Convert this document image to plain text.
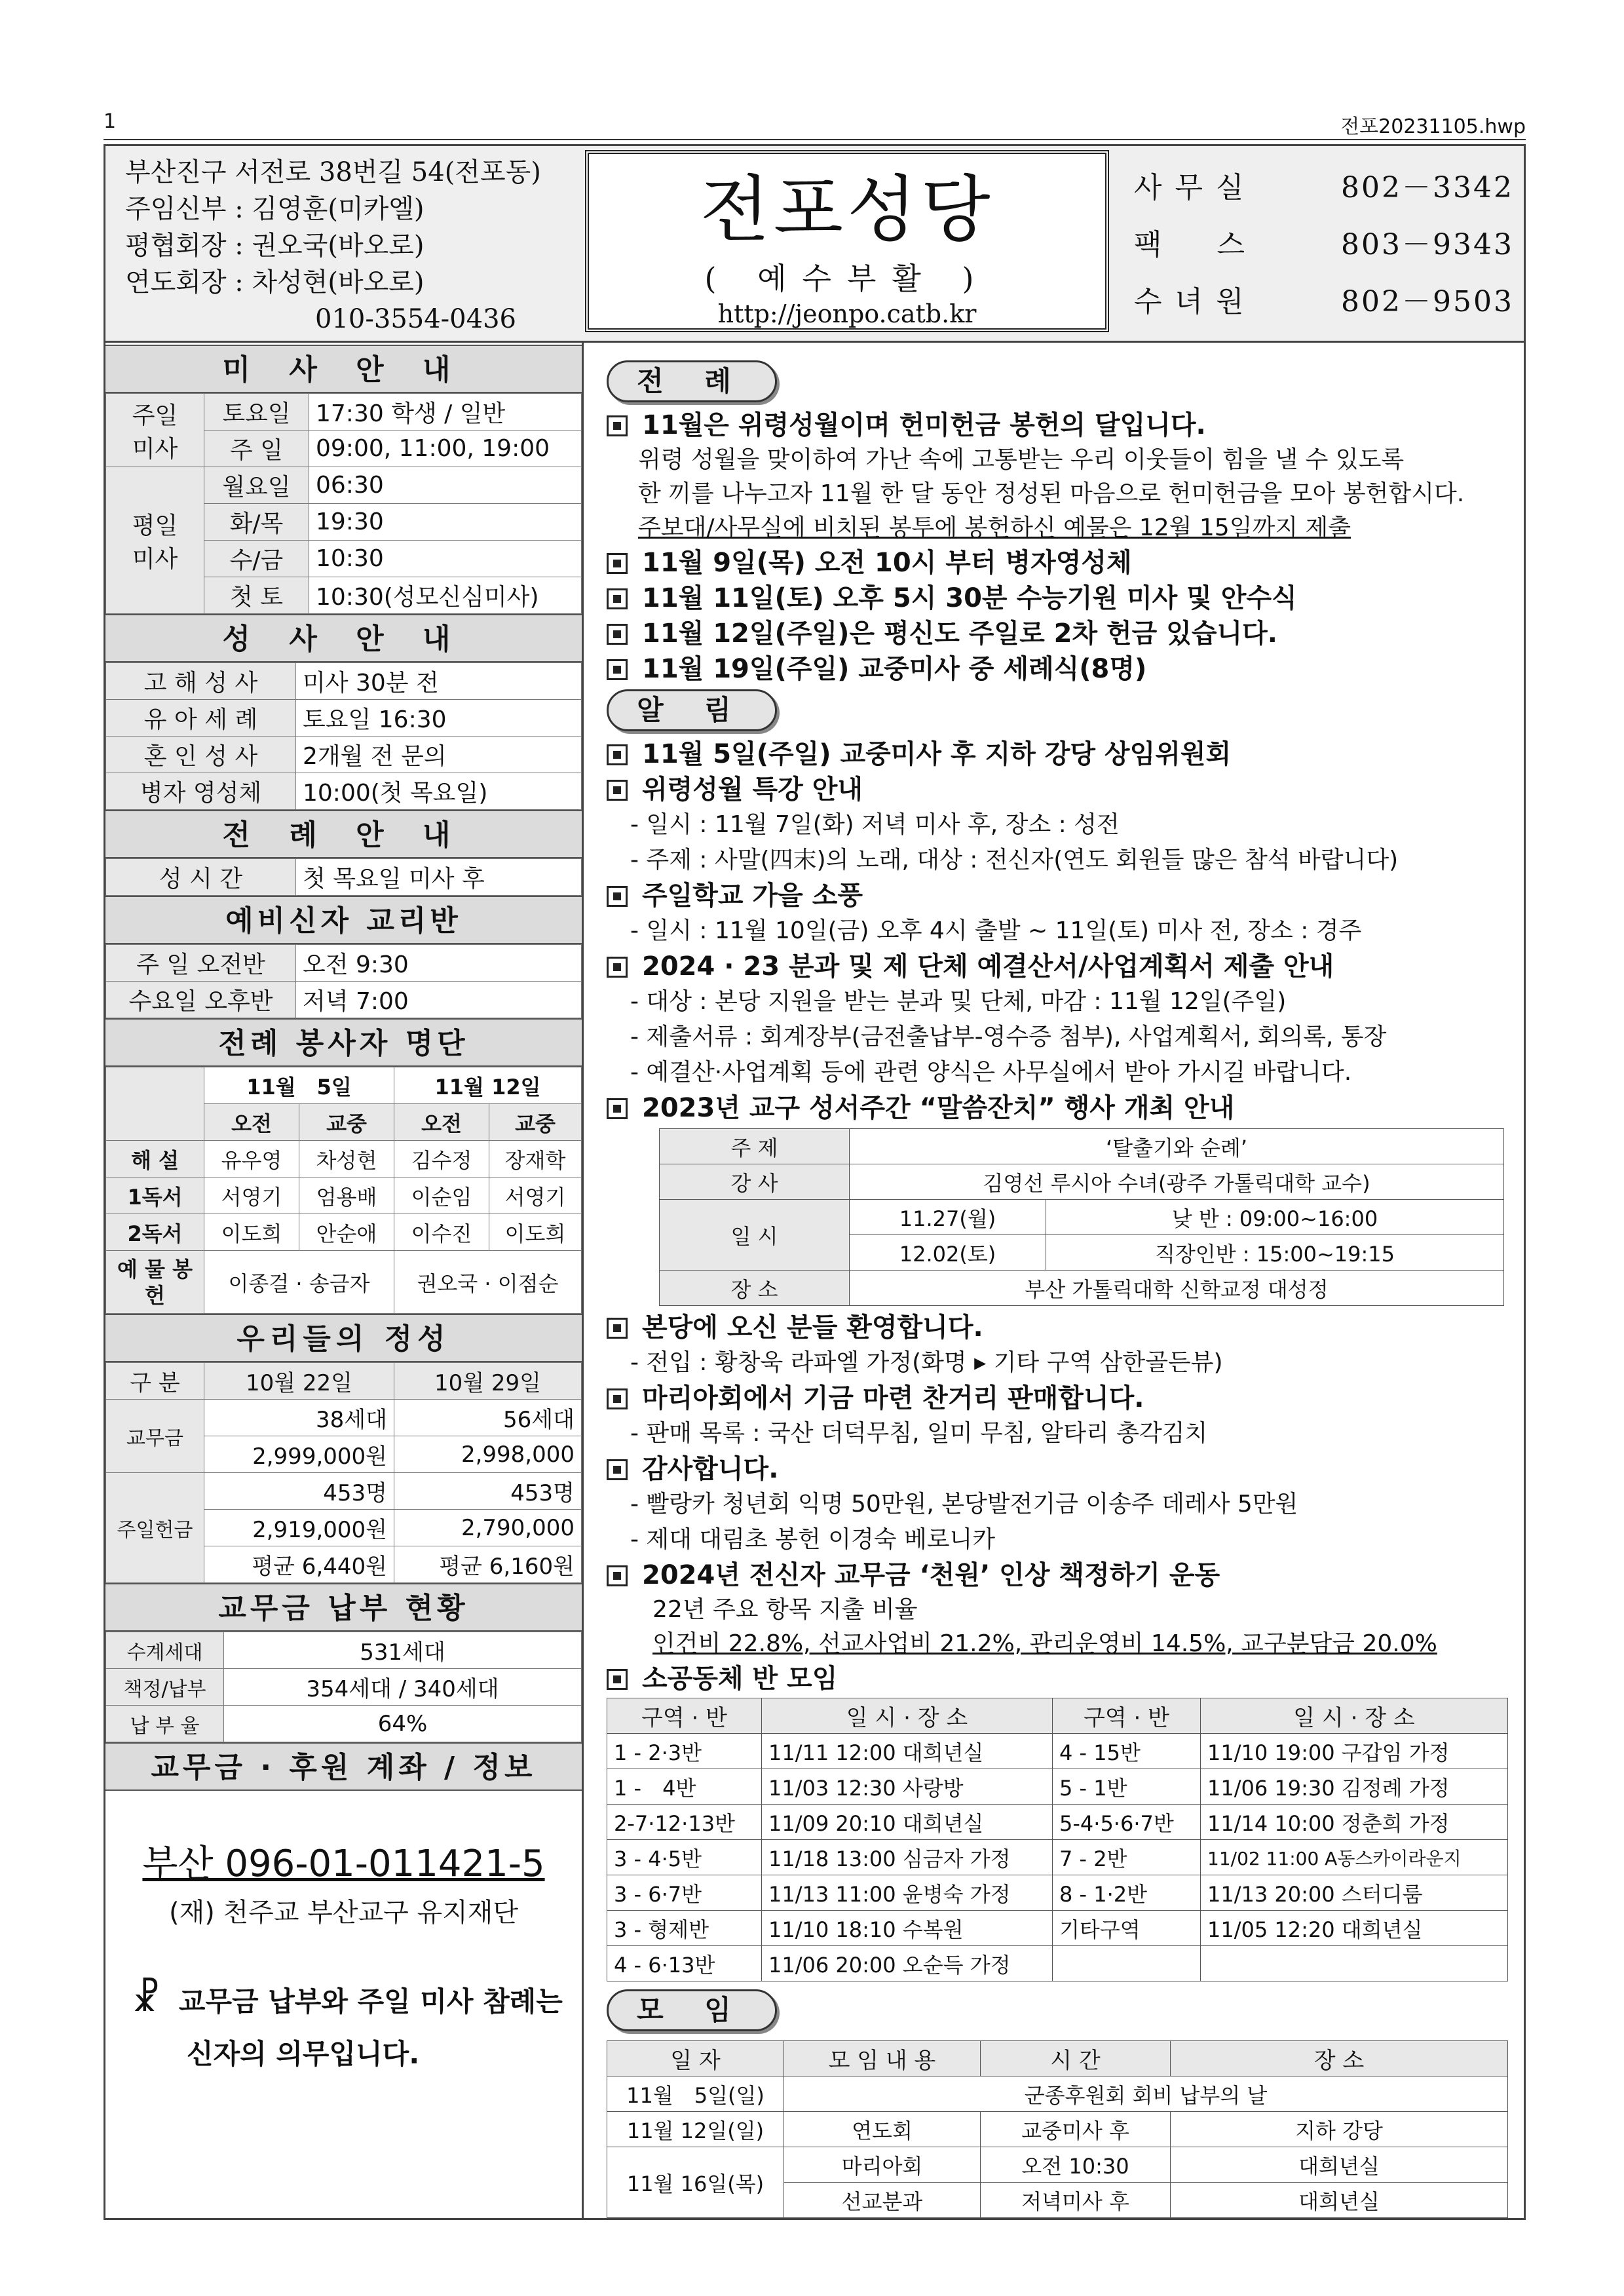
1	전포20231105.hwp
부산진구 서전로 38번길 54(전포동)
주임신부 : 김영훈(미카엘)
평협회장 : 권오국(바오로)
연도회장 : 차성현(바오로)
010-3554-0436
전포성당
( 예수부활 )
http://jeonpo.catb.kr
사무실	802－3342
팩　스	803－9343
수녀원	802－9503
미 사 안 내
주일
미사	토요일	17:30 학생 / 일반
	주 일	09:00, 11:00, 19:00
평일
미사	월요일	06:30
	화/목	19:30
	수/금	10:30
	첫 토	10:30(성모신심미사)
성 사 안 내
고 해 성 사	미사 30분 전
유 아 세 례	토요일 16:30
혼 인 성 사	2개월 전 문의
병자 영성체	10:00(첫 목요일)
전 례 안 내
성 시 간	첫 목요일 미사 후
예비신자 교리반
주 일 오전반	오전 9:30
수요일 오후반	저녁 7:00
전례 봉사자 명단
	11월　5일		11월 12일	
	오전	교중	오전	교중
해 설	유우영	차성현	김수정	장재학
1독서	서영기	엄용배	이순임	서영기
2독서	이도희	안순애	이수진	이도희
예 물 봉 헌	이종걸 · 송금자		권오국 · 이점순	
우리들의 정성
구 분	10월 22일	10월 29일
교무금	38세대	56세대
	2,999,000원	2,998,000
주일헌금	453명	453명
	2,919,000원	2,790,000
	평균 6,440원	평균 6,160원
교무금 납부 현황
수계세대	531세대
책정/납부	354세대 / 340세대
납 부 율	64%
교무금 · 후원 계좌 / 정보
부산 096-01-011421-5
(재) 천주교 부산교구 유지재단
☧ 교무금 납부와 주일 미사 참례는
신자의 의무입니다.
전 례
11월은 위령성월이며 헌미헌금 봉헌의 달입니다.
위령 성월을 맞이하여 가난 속에 고통받는 우리 이웃들이 힘을 낼 수 있도록
한 끼를 나누고자 11월 한 달 동안 정성된 마음으로 헌미헌금을 모아 봉헌합시다.
주보대/사무실에 비치된 봉투에 봉헌하신 예물은 12월 15일까지 제출
11월 9일(목) 오전 10시 부터 병자영성체
11월 11일(토) 오후 5시 30분 수능기원 미사 및 안수식
11월 12일(주일)은 평신도 주일로 2차 헌금 있습니다.
11월 19일(주일) 교중미사 중 세례식(8명)
알 림
11월 5일(주일) 교중미사 후 지하 강당 상임위원회
위령성월 특강 안내
- 일시 : 11월 7일(화) 저녁 미사 후, 장소 : 성전
- 주제 : 사말(四末)의 노래, 대상 : 전신자(연도 회원들 많은 참석 바랍니다)
주일학교 가을 소풍
- 일시 : 11월 10일(금) 오후 4시 출발 ~ 11일(토) 미사 전, 장소 : 경주
2024 · 23 분과 및 제 단체 예결산서/사업계획서 제출 안내
- 대상 : 본당 지원을 받는 분과 및 단체, 마감 : 11월 12일(주일)
- 제출서류 : 회계장부(금전출납부-영수증 첨부), 사업계획서, 회의록, 통장
- 예결산·사업계획 등에 관련 양식은 사무실에서 받아 가시길 바랍니다.
2023년 교구 성서주간 “말씀잔치” 행사 개최 안내
주 제	‘탈출기와 순례’	
강 사	김영선 루시아 수녀(광주 가톨릭대학 교수)	
일 시	11.27(월)	낮 반 : 09:00~16:00
	12.02(토)	직장인반 : 15:00~19:15
장 소	부산 가톨릭대학 신학교정 대성정	
본당에 오신 분들 환영합니다.
- 전입 : 황창욱 라파엘 가정(화명 ▸ 기타 구역 삼한골든뷰)
마리아회에서 기금 마련 찬거리 판매합니다.
- 판매 목록 : 국산 더덕무침, 일미 무침, 알타리 총각김치
감사합니다.
- 빨랑카 청년회 익명 50만원, 본당발전기금 이송주 데레사 5만원
- 제대 대림초 봉헌 이경숙 베로니카
2024년 전신자 교무금 ‘천원’ 인상 책정하기 운동
22년 주요 항목 지출 비율
인건비 22.8%, 선교사업비 21.2%, 관리운영비 14.5%, 교구분담금 20.0%
소공동체 반 모임
구역 · 반	일 시 · 장 소	구역 · 반	일 시 · 장 소
1 - 2·3반	11/11 12:00 대희년실	4 - 15반	11/10 19:00 구갑임 가정
1 -　4반	11/03 12:30 사랑방	5 - 1반	11/06 19:30 김정례 가정
2-7·12·13반	11/09 20:10 대희년실	5-4·5·6·7반	11/14 10:00 정춘희 가정
3 - 4·5반	11/18 13:00 심금자 가정	7 - 2반	11/02 11:00 A동스카이라운지
3 - 6·7반	11/13 11:00 윤병숙 가정	8 - 1·2반	11/13 20:00 스터디룸
3 - 형제반	11/10 18:10 수복원	기타구역	11/05 12:20 대희년실
4 - 6·13반	11/06 20:00 오순득 가정		
모 임
일 자	모 임 내 용	시 간	장 소
11월　5일(일)	군종후원회 회비 납부의 날		
11월 12일(일)	연도회	교중미사 후	지하 강당
11월 16일(목)	마리아회	오전 10:30	대희년실
	선교분과	저녁미사 후	대희년실
